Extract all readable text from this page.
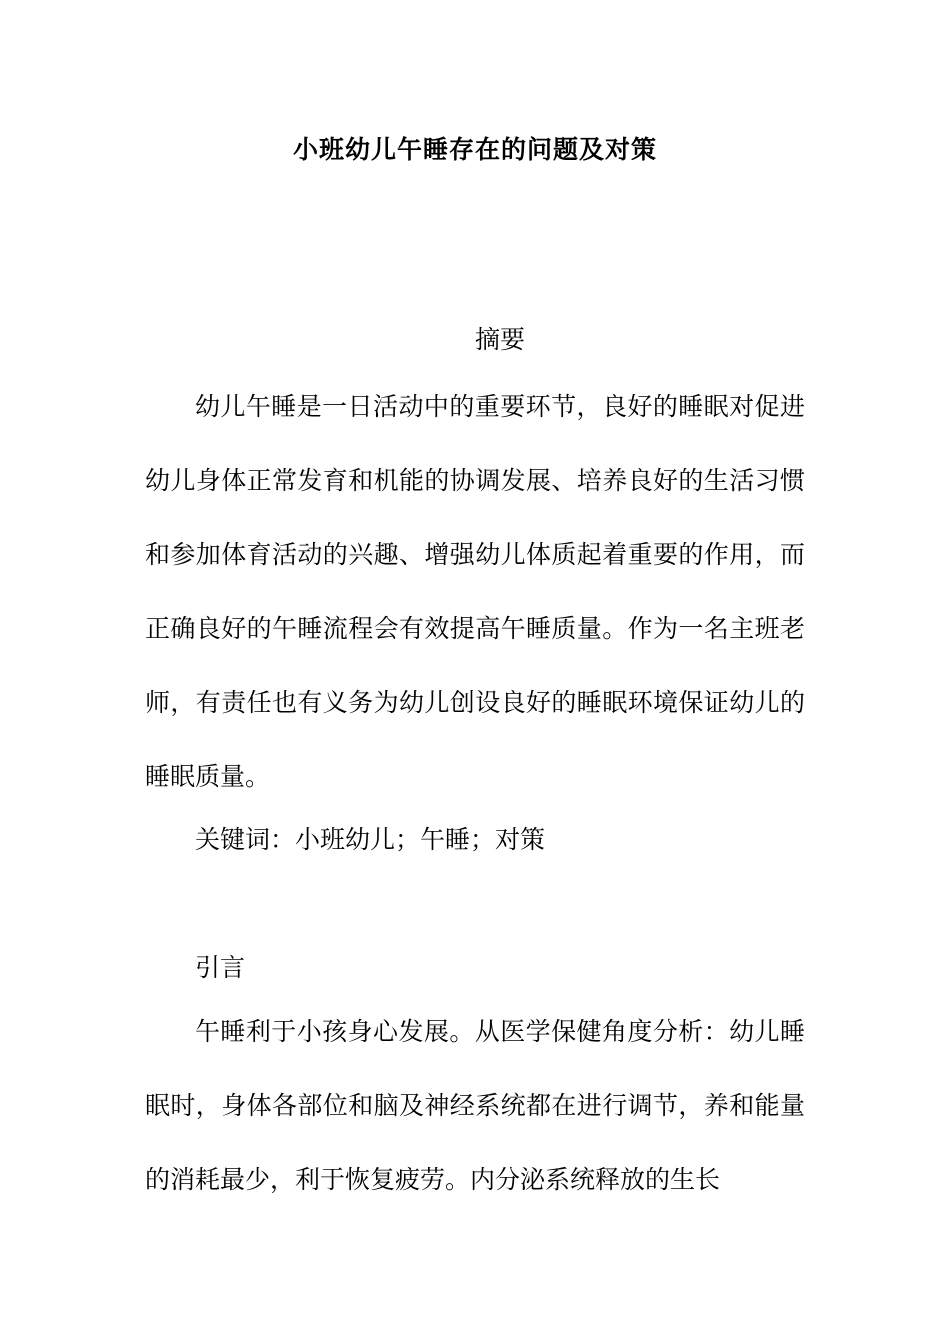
小班幼儿午睡存在的问题及对策
摘要

幼儿午睡是一日活动中的重要环节，良好的睡眠对促进幼儿身体正常发育和机能的协调发展、培养良好的生活习惯和参加体育活动的兴趣、增强幼儿体质起着重要的作用，而正确良好的午睡流程会有效提高午睡质量。作为一名主班老师，有责任也有义务为幼儿创设良好的睡眠环境保证幼儿的睡眠质量。

关键词：小班幼儿；午睡；对策

引言

午睡利于小孩身心发展。从医学保健角度分析：幼儿睡眠时，身体各部位和脑及神经系统都在进行调节，养和能量的消耗最少，利于恢复疲劳。内分泌系统释放的生长
